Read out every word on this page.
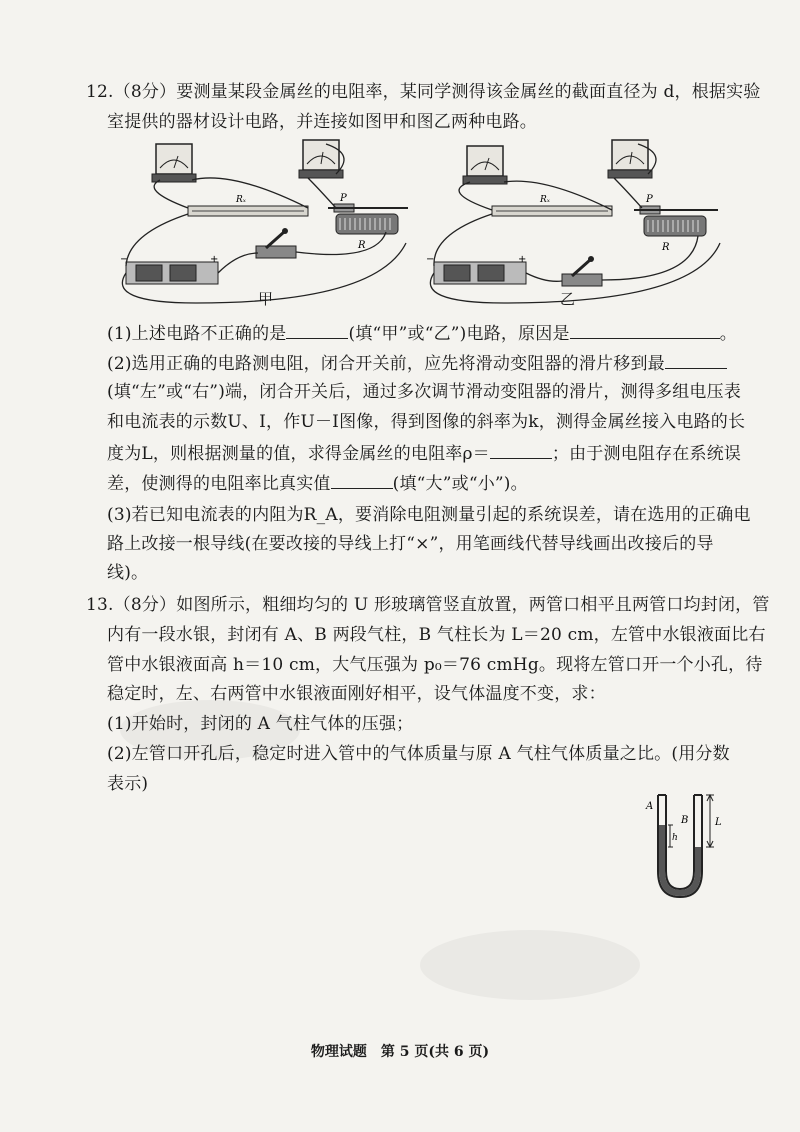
12.（8分）要测量某段金属丝的电阻率，某同学测得该金属丝的截面直径为 d，根据实验
室提供的器材设计电路，并连接如图甲和图乙两种电路。
Rₓ	P
R
−	+
甲
Rₓ	P
R
−	+
乙
(1)上述电路不正确的是	(填“甲”或“乙”)电路，原因是	。
(2)选用正确的电路测电阻，闭合开关前，应先将滑动变阻器的滑片移到最
(填“左”或“右”)端，闭合开关后，通过多次调节滑动变阻器的滑片，测得多组电压表
和电流表的示数U、I，作U－I图像，得到图像的斜率为k，测得金属丝接入电路的长
度为L，则根据测量的值，求得金属丝的电阻率ρ＝	；由于测电阻存在系统误
差，使测得的电阻率比真实值	(填“大”或“小”)。
(3)若已知电流表的内阻为R_A，要消除电阻测量引起的系统误差，请在选用的正确电
路上改接一根导线(在要改接的导线上打“×”，用笔画线代替导线画出改接后的导
线)。
13.（8分）如图所示，粗细均匀的 U 形玻璃管竖直放置，两管口相平且两管口均封闭，管
内有一段水银，封闭有 A、B 两段气柱，B 气柱长为 L＝20 cm，左管中水银液面比右
管中水银液面高 h＝10 cm，大气压强为 p₀＝76 cmHg。现将左管口开一个小孔，待
稳定时，左、右两管中水银液面刚好相平，设气体温度不变，求：
(1)开始时，封闭的 A 气柱气体的压强；
(2)左管口开孔后，稳定时进入管中的气体质量与原 A 气柱气体质量之比。(用分数
表示)
A
B
h
L
物理试题　第 5 页(共 6 页)
